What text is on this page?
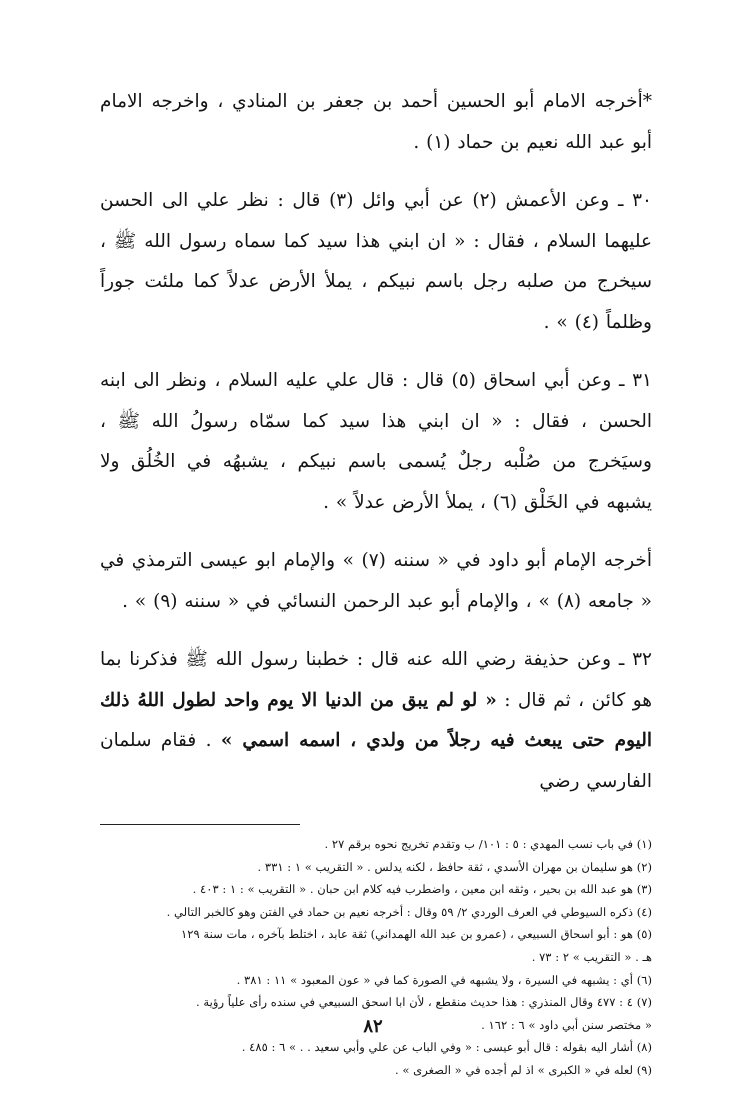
*أخرجه الامام أبو الحسين أحمد بن جعفر بن المنادي ، واخرجه الامام أبو عبد الله نعيم بن حماد (١) .

٣٠ ـ وعن الأعمش (٢) عن أبي وائل (٣) قال : نظر علي الى الحسن عليهما السلام ، فقال : « ان ابني هذا سيد كما سماه رسول الله ﷺ ، سيخرج من صلبه رجل باسم نبيكم ، يملأ الأرض عدلاً كما ملئت جوراً وظلماً (٤) » .

٣١ ـ وعن أبي اسحاق (٥) قال : قال علي عليه السلام ، ونظر الى ابنه الحسن ، فقال : « ان ابني هذا سيد كما سمّاه رسولُ الله ﷺ ، وسيَخرج من صُلْبه رجلٌ يُسمى باسم نبيكم ، يشبهُه في الخُلُق ولا يشبهه في الخَلْق (٦) ، يملأ الأرض عدلاً » .

أخرجه الإمام أبو داود في « سننه (٧) » والإمام ابو عيسى الترمذي في « جامعه (٨) » ، والإمام أبو عبد الرحمن النسائي في « سننه (٩) » .

٣٢ ـ وعن حذيفة رضي الله عنه قال : خطبنا رسول الله ﷺ فذكرنا بما هو كائن ، ثم قال : « لو لم يبق من الدنيا الا يوم واحد لطول اللهُ ذلك اليوم حتى يبعث فيه رجلاً من ولدي ، اسمه اسمي » . فقام سلمان الفارسي رضي

(١) في باب نسب المهدي : ٥ : ١٠١/ ب وتقدم تخريج نحوه برقم ٢٧ .

(٢) هو سليمان بن مهران الأسدي ، ثقة حافظ ، لكنه يدلس . « التقريب » ١ : ٣٣١ .

(٣) هو عبد الله بن بحير ، وثقه ابن معين ، واضطرب فيه كلام ابن حبان . « التقريب » : ١ : ٤٠٣ .

(٤) ذكره السيوطي في العرف الوردي ٢/ ٥٩ وقال : أخرجه نعيم بن حماد في الفتن وهو كالخبر التالي .

(٥) هو : أبو اسحاق السبيعي ، (عمرو بن عبد الله الهمداني) ثقة عابد ، اختلط بآخره ، مات سنة ١٢٩

هـ . « التقريب » ٢ : ٧٣ .

(٦) أي : يشبهه في السيرة ، ولا يشبهه في الصورة كما في « عون المعبود » ١١ : ٣٨١ .

(٧) ٤ : ٤٧٧ وقال المنذري : هذا حديث منقطع ، لأن ابا اسحق السبيعي في سنده رأى علياً رؤية .

« مختصر سنن أبي داود » ٦ : ١٦٢ .

(٨) أشار اليه بقوله : قال أبو عيسى : « وفي الباب عن علي وأبي سعيد . . » ٦ : ٤٨٥ .

(٩) لعله في « الكبرى » اذ لم أجده في « الصغرى » .

٨٢
